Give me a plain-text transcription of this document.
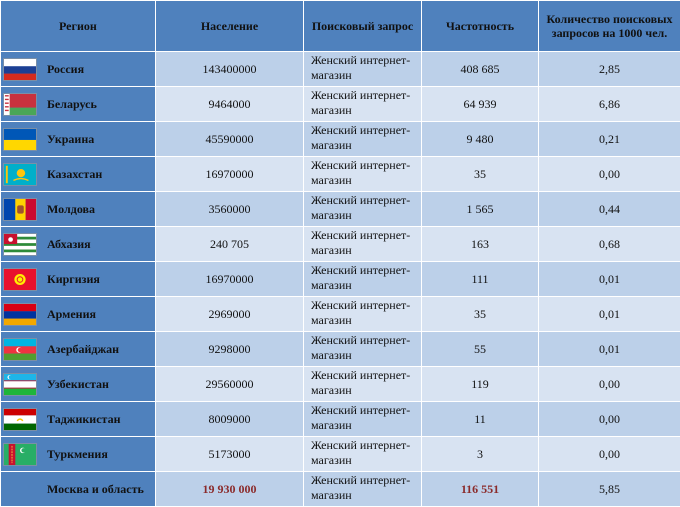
Регион	Население	Поисковый запрос	Частотность	Количество поисковых запросов на 1000 чел.

Россия	143400000	Женский интернет-магазин	408 685	2,85

Беларусь	9464000	Женский интернет-магазин	64 939	6,86

Украина	45590000	Женский интернет-магазин	9 480	0,21

Казахстан	16970000	Женский интернет-магазин	35	0,00

Молдова	3560000	Женский интернет-магазин	1 565	0,44

Абхазия	240 705	Женский интернет-магазин	163	0,68

Киргизия	16970000	Женский интернет-магазин	111	0,01

Армения	2969000	Женский интернет-магазин	35	0,01

Азербайджан	9298000	Женский интернет-магазин	55	0,01

Узбекистан	29560000	Женский интернет-магазин	119	0,00

Таджикистан	8009000	Женский интернет-магазин	11	0,00

Туркмения	5173000	Женский интернет-магазин	3	0,00

Москва и область	19 930 000	Женский интернет-магазин	116 551	5,85
